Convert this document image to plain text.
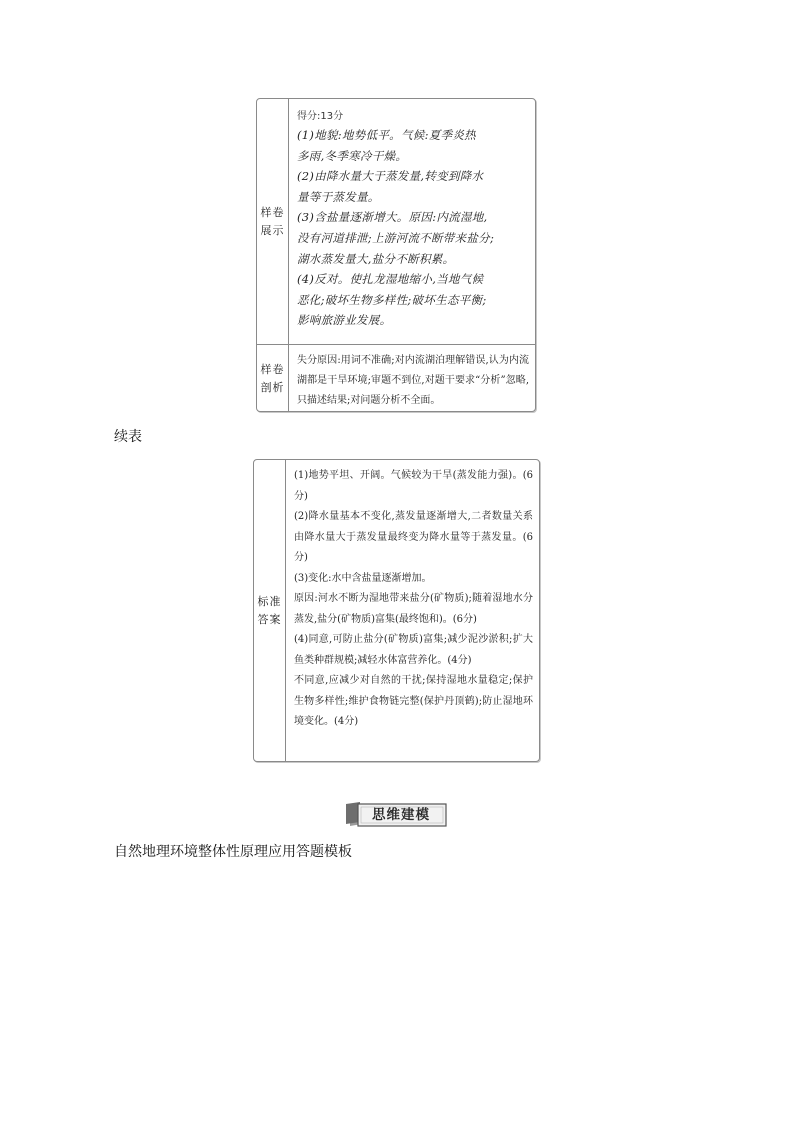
样卷展示
得分:13分
(1)地貌:地势低平。气候:夏季炎热
多雨,冬季寒冷干燥。
(2)由降水量大于蒸发量,转变到降水
量等于蒸发量。
(3)含盐量逐渐增大。原因:内流湿地,
没有河道排泄;上游河流不断带来盐分;
湖水蒸发量大,盐分不断积累。
(4)反对。使扎龙湿地缩小,当地气候
恶化;破坏生物多样性;破坏生态平衡;
影响旅游业发展。
样卷剖析
失分原因:用词不准确;对内流湖泊理解错误,认为内流湖都是干旱环境;审题不到位,对题干要求“分析”忽略,只描述结果;对问题分析不全面。
续表
标准答案
(1)地势平坦、开阔。气候较为干旱(蒸发能力强)。(6分)
(2)降水量基本不变化,蒸发量逐渐增大,二者数量关系由降水量大于蒸发量最终变为降水量等于蒸发量。(6分)
(3)变化:水中含盐量逐渐增加。
原因:河水不断为湿地带来盐分(矿物质);随着湿地水分蒸发,盐分(矿物质)富集(最终饱和)。(6分)
(4)同意,可防止盐分(矿物质)富集;减少泥沙淤积;扩大鱼类种群规模;减轻水体富营养化。(4分)
不同意,应减少对自然的干扰;保持湿地水量稳定;保护生物多样性;维护食物链完整(保护丹顶鹤);防止湿地环境变化。(4分)
思维建模
自然地理环境整体性原理应用答题模板
